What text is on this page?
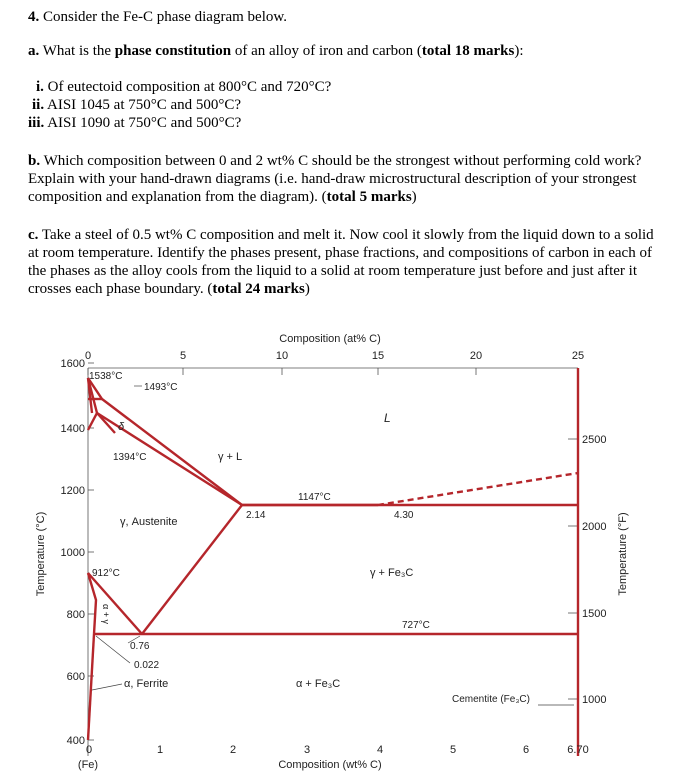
4. Consider the Fe-C phase diagram below.
a. What is the phase constitution of an alloy of iron and carbon (total 18 marks):
i. Of eutectoid composition at 800°C and 720°C?
ii. AISI 1045 at 750°C and 500°C?
iii. AISI 1090 at 750°C and 500°C?

b. Which composition between 0 and 2 wt% C should be the strongest without performing cold work? Explain with your hand-drawn diagrams (i.e. hand-draw microstructural description of your strongest composition and explanation from the diagram). (total 5 marks)

c. Take a steel of 0.5 wt% C composition and melt it. Now cool it slowly from the liquid down to a solid at room temperature. Identify the phases present, phase fractions, and compositions of carbon in each of the phases as the alloy cools from the liquid to a solid at room temperature just before and just after it crosses each phase boundary. (total 24 marks)

Composition (at% C)
0	5	10	15	20	25
1600
1400
1200
1000
800
600
400
2500
2000
1500
1000
0	1	2	3	4	5	6	6.70
(Fe)	Composition (wt% C)
Temperature (°C)	Temperature (°F)
1538°C
1493°C
δ
1394°C	γ + L
L
1147°C
2.14	4.30
γ, Austenite
912°C	γ + Fe₃C
727°C
α + γ
0.76
0.022
α, Ferrite	α + Fe₃C
Cementite (Fe₃C)
